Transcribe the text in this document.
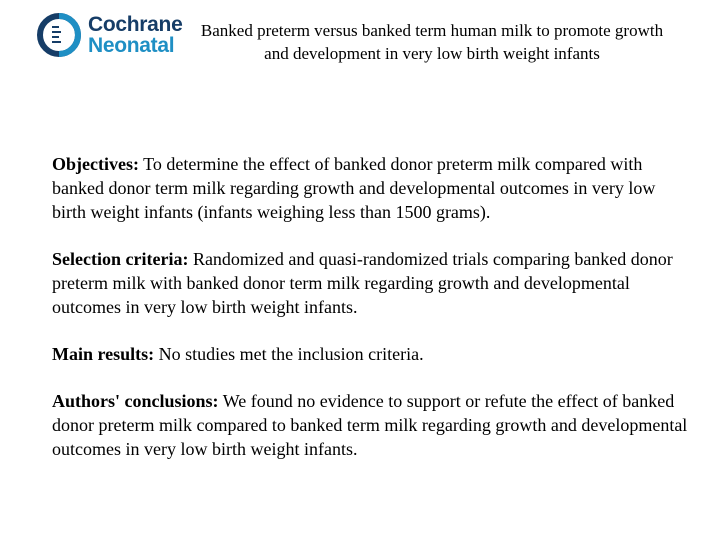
Cochrane
Neonatal
Banked preterm versus banked term human milk to promote growth
and development in very low birth weight infants

Objectives: To determine the effect of banked donor preterm milk compared with banked donor term milk regarding growth and developmental outcomes in very low birth weight infants (infants weighing less than 1500 grams).

Selection criteria: Randomized and quasi-randomized trials comparing banked donor preterm milk with banked donor term milk regarding growth and developmental outcomes in very low birth weight infants.

Main results: No studies met the inclusion criteria.

Authors' conclusions: We found no evidence to support or refute the effect of banked donor preterm milk compared to banked term milk regarding growth and developmental outcomes in very low birth weight infants.
